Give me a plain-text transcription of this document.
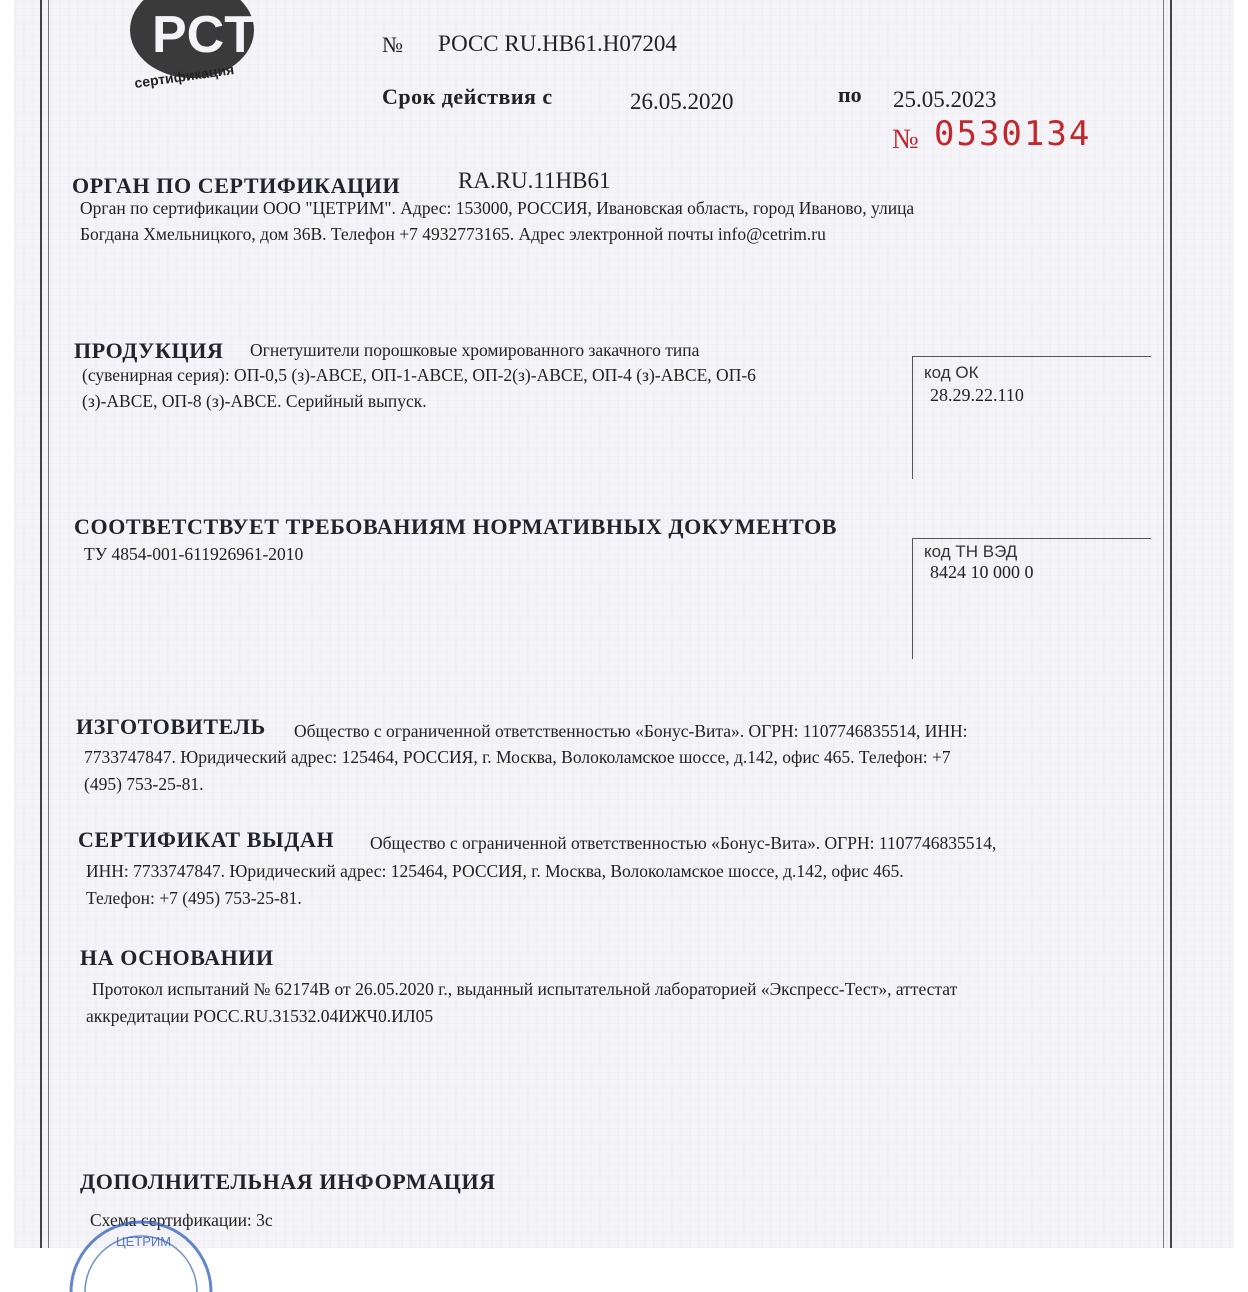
PCT
сертификация
№ РОСС RU.НВ61.Н07204
Срок действия с	26.05.2020	по 25.05.2023
№ 0530134
ОРГАН ПО СЕРТИФИКАЦИИ	RA.RU.11НВ61
Орган по сертификации ООО "ЦЕТРИМ". Адрес: 153000, РОССИЯ, Ивановская область, город Иваново, улица
Богдана Хмельницкого, дом 36В. Телефон +7 4932773165. Адрес электронной почты info@cetrim.ru
ПРОДУКЦИЯ Огнетушители порошковые хромированного закачного типа
(сувенирная серия): ОП-0,5 (з)-АВСЕ, ОП-1-АВСЕ, ОП-2(з)-АВСЕ, ОП-4 (з)-АВСЕ, ОП-6
(з)-АВСЕ, ОП-8 (з)-АВСЕ. Серийный выпуск.
код ОК
28.29.22.110
СООТВЕТСТВУЕТ ТРЕБОВАНИЯМ НОРМАТИВНЫХ ДОКУМЕНТОВ
ТУ 4854-001-611926961-2010	код ТН ВЭД
8424 10 000 0
ИЗГОТОВИТЕЛЬ Общество с ограниченной ответственностью «Бонус-Вита». ОГРН: 1107746835514, ИНН:
7733747847. Юридический адрес: 125464, РОССИЯ, г. Москва, Волоколамское шоссе, д.142, офис 465. Телефон: +7
(495) 753-25-81.
СЕРТИФИКАТ ВЫДАН Общество с ограниченной ответственностью «Бонус-Вита». ОГРН: 1107746835514,
ИНН: 7733747847. Юридический адрес: 125464, РОССИЯ, г. Москва, Волоколамское шоссе, д.142, офис 465.
Телефон: +7 (495) 753-25-81.
НА ОСНОВАНИИ
Протокол испытаний № 62174В от 26.05.2020 г., выданный испытательной лабораторией «Экспресс-Тест», аттестат
аккредитации РОСС.RU.31532.04ИЖЧ0.ИЛ05
ДОПОЛНИТЕЛЬНАЯ ИНФОРМАЦИЯ
Схема сертификации: 3с
ЦЕТРИМ
